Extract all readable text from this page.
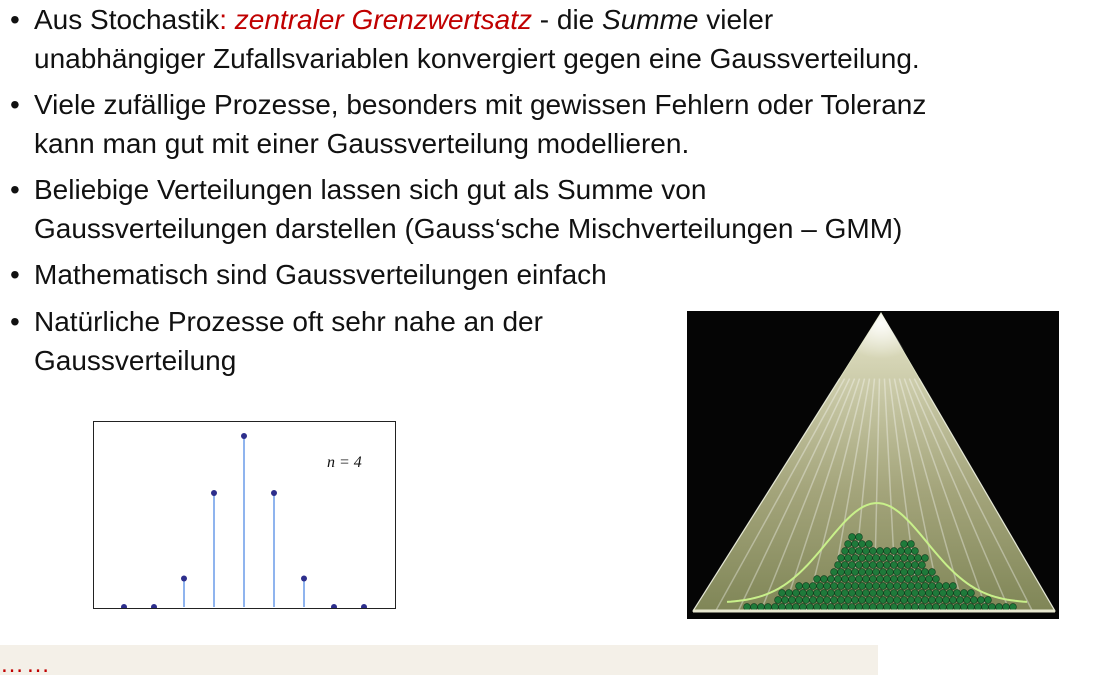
• Aus Stochastik: zentraler Grenzwertsatz - die Summe vieler
unabhängiger Zufallsvariablen konvergiert gegen eine Gaussverteilung.
• Viele zufällige Prozesse, besonders mit gewissen Fehlern oder Toleranz
kann man gut mit einer Gaussverteilung modellieren.
• Beliebige Verteilungen lassen sich gut als Summe von
Gaussverteilungen darstellen (Gauss‘sche Mischverteilungen – GMM)
• Mathematisch sind Gaussverteilungen einfach
• Natürliche Prozesse oft sehr nahe an der
Gaussverteilung
n = 4
……
